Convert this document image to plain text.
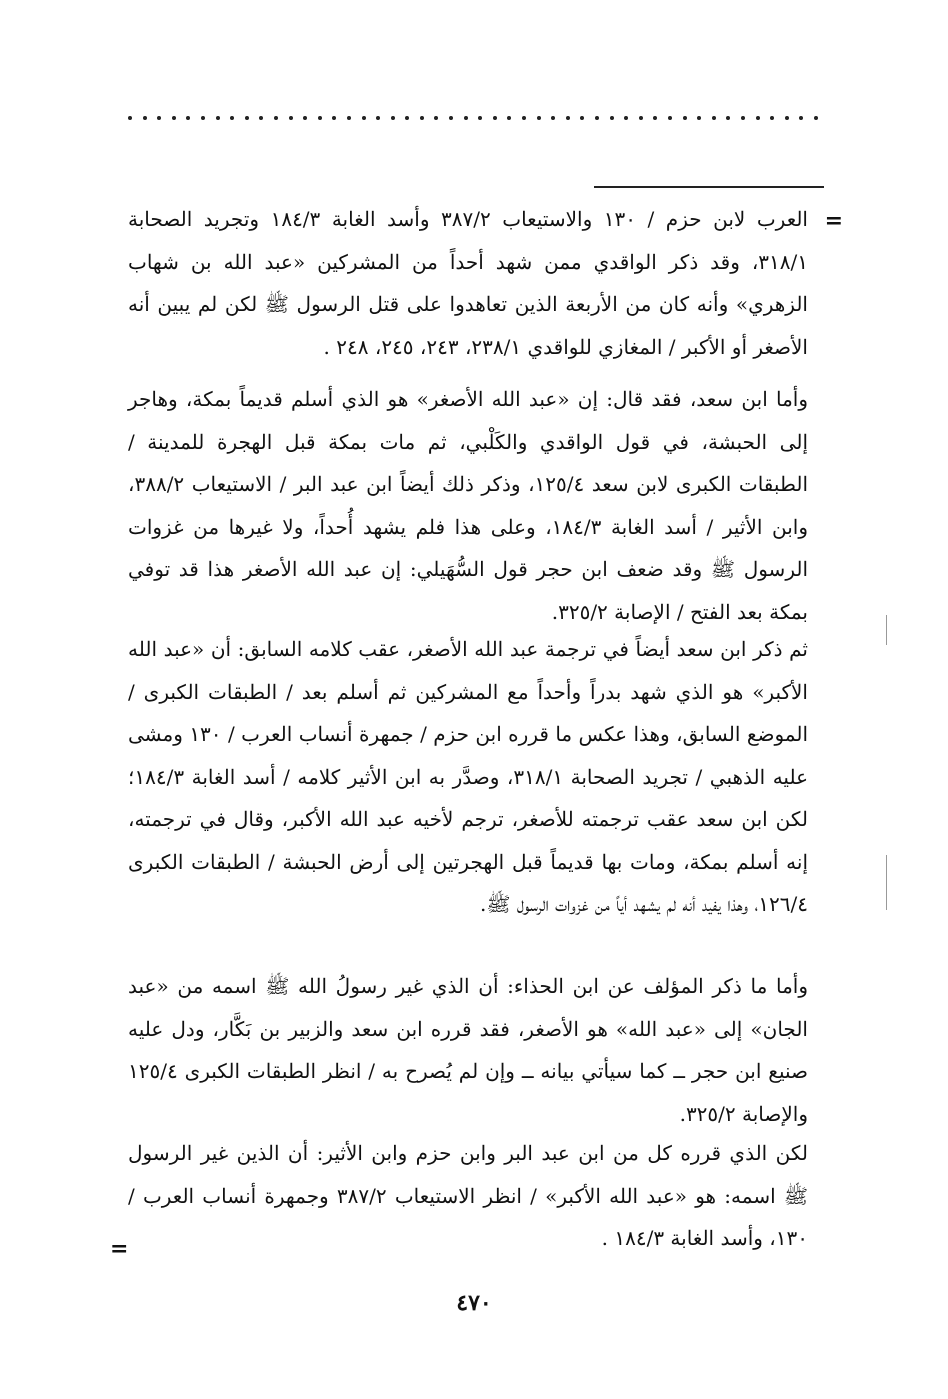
=

العرب لابن حزم / ١٣٠ والاستيعاب ٣٨٧/٢ وأسد الغابة ١٨٤/٣ وتجريد الصحابة ٣١٨/١، وقد ذكر الواقدي ممن شهد أحداً من المشركين «عبد الله بن شهاب الزهري» وأنه كان من الأربعة الذين تعاهدوا على قتل الرسول ﷺ لكن لم يبين أنه الأصغر أو الأكبر / المغازي للواقدي ٢٣٨/١، ٢٤٣، ٢٤٥، ٢٤٨ .

وأما ابن سعد، فقد قال: إن «عبد الله الأصغر» هو الذي أسلم قديماً بمكة، وهاجر إلى الحبشة، في قول الواقدي والكَلْبي، ثم مات بمكة قبل الهجرة للمدينة / الطبقات الكبرى لابن سعد ١٢٥/٤، وذكر ذلك أيضاً ابن عبد البر / الاستيعاب ٣٨٨/٢، وابن الأثير / أسد الغابة ١٨٤/٣، وعلى هذا فلم يشهد أُحداً، ولا غيرها من غزوات الرسول ﷺ وقد ضعف ابن حجر قول السُّهَيلي: إن عبد الله الأصغر هذا قد توفي بمكة بعد الفتح / الإصابة ٣٢٥/٢.

ثم ذكر ابن سعد أيضاً في ترجمة عبد الله الأصغر، عقب كلامه السابق: أن «عبد الله الأكبر» هو الذي شهد بدراً وأحداً مع المشركين ثم أسلم بعد / الطبقات الكبرى / الموضع السابق، وهذا عكس ما قرره ابن حزم / جمهرة أنساب العرب / ١٣٠ ومشى عليه الذهبي / تجريد الصحابة ٣١٨/١، وصدَّر به ابن الأثير كلامه / أسد الغابة ١٨٤/٣؛ لكن ابن سعد عقب ترجمته للأصغر، ترجم لأخيه عبد الله الأكبر، وقال في ترجمته، إنه أسلم بمكة، ومات بها قديماً قبل الهجرتين إلى أرض الحبشة / الطبقات الكبرى ١٢٦/٤، وهذا يفيد أنه لم يشهد أياً من غزوات الرسول ﷺ.

وأما ما ذكر المؤلف عن ابن الحذاء: أن الذي غير رسولُ الله ﷺ اسمه من «عبد الجان» إلى «عبد الله» هو الأصغر، فقد قرره ابن سعد والزبير بن بَكَّار، ودل عليه صنيع ابن حجر ــ كما سيأتي بيانه ــ وإن لم يُصرح به / انظر الطبقات الكبرى ١٢٥/٤ والإصابة ٣٢٥/٢.

لكن الذي قرره كل من ابن عبد البر وابن حزم وابن الأثير: أن الذين غير الرسول ﷺ اسمه: هو «عبد الله الأكبر» / انظر الاستيعاب ٣٨٧/٢ وجمهرة أنساب العرب / ١٣٠، وأسد الغابة ١٨٤/٣ .

=
٤٧٠
